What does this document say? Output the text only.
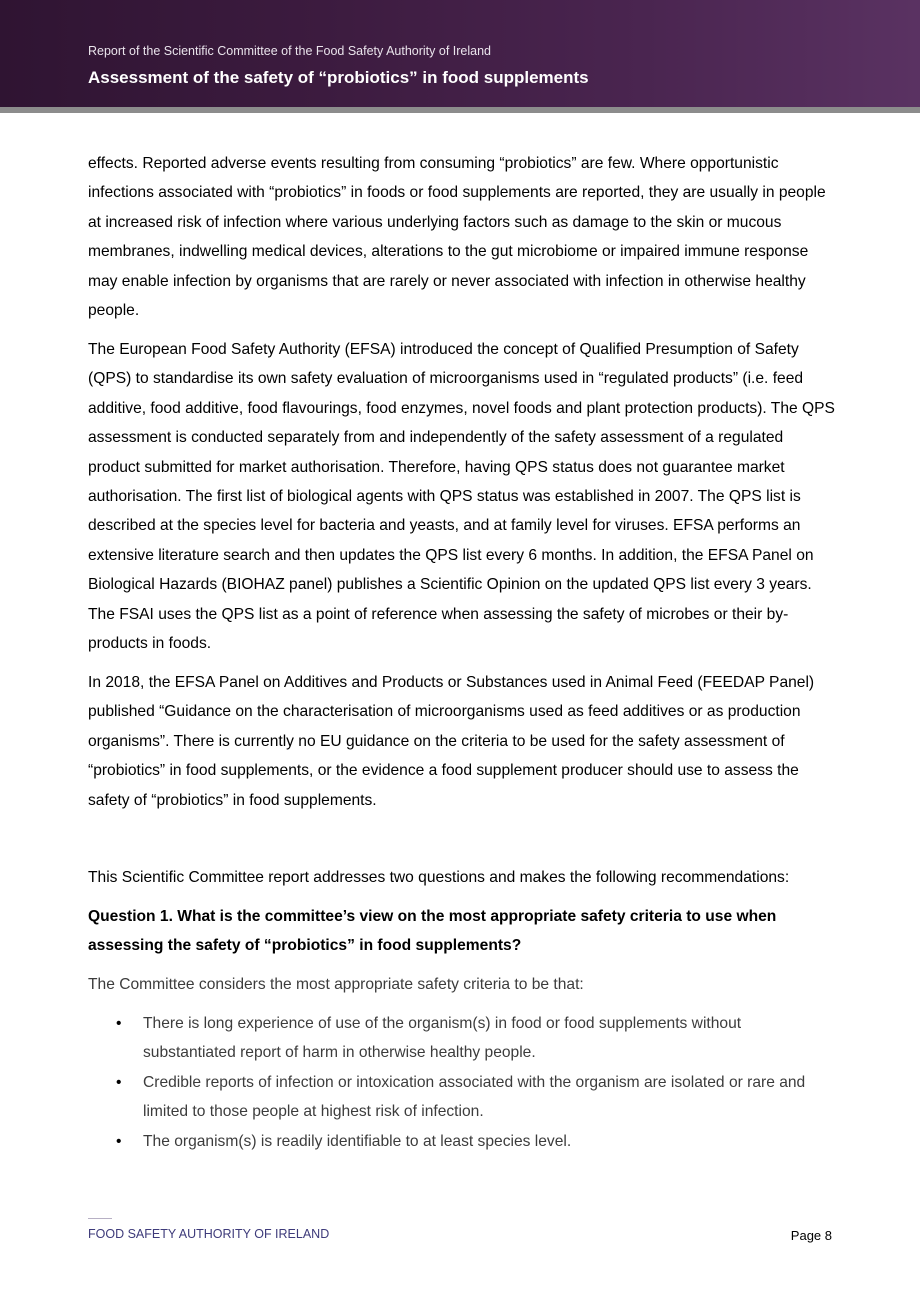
Report of the Scientific Committee of the Food Safety Authority of Ireland
Assessment of the safety of “probiotics” in food supplements

effects. Reported adverse events resulting from consuming “probiotics” are few. Where opportunistic infections associated with “probiotics” in foods or food supplements are reported, they are usually in people at increased risk of infection where various underlying factors such as damage to the skin or mucous membranes, indwelling medical devices, alterations to the gut microbiome or impaired immune response may enable infection by organisms that are rarely or never associated with infection in otherwise healthy people.

The European Food Safety Authority (EFSA) introduced the concept of Qualified Presumption of Safety (QPS) to standardise its own safety evaluation of microorganisms used in “regulated products” (i.e. feed additive, food additive, food flavourings, food enzymes, novel foods and plant protection products). The QPS assessment is conducted separately from and independently of the safety assessment of a regulated product submitted for market authorisation. Therefore, having QPS status does not guarantee market authorisation. The first list of biological agents with QPS status was established in 2007. The QPS list is described at the species level for bacteria and yeasts, and at family level for viruses. EFSA performs an extensive literature search and then updates the QPS list every 6 months. In addition, the EFSA Panel on Biological Hazards (BIOHAZ panel) publishes a Scientific Opinion on the updated QPS list every 3 years. The FSAI uses the QPS list as a point of reference when assessing the safety of microbes or their by-products in foods.

In 2018, the EFSA Panel on Additives and Products or Substances used in Animal Feed (FEEDAP Panel) published “Guidance on the characterisation of microorganisms used as feed additives or as production organisms”. There is currently no EU guidance on the criteria to be used for the safety assessment of “probiotics” in food supplements, or the evidence a food supplement producer should use to assess the safety of “probiotics” in food supplements.

This Scientific Committee report addresses two questions and makes the following recommendations:

Question 1. What is the committee’s view on the most appropriate safety criteria to use when assessing the safety of “probiotics” in food supplements?

The Committee considers the most appropriate safety criteria to be that:

• There is long experience of use of the organism(s) in food or food supplements without substantiated report of harm in otherwise healthy people.
• Credible reports of infection or intoxication associated with the organism are isolated or rare and limited to those people at highest risk of infection.
• The organism(s) is readily identifiable to at least species level.
FOOD SAFETY AUTHORITY OF IRELAND	Page 8
